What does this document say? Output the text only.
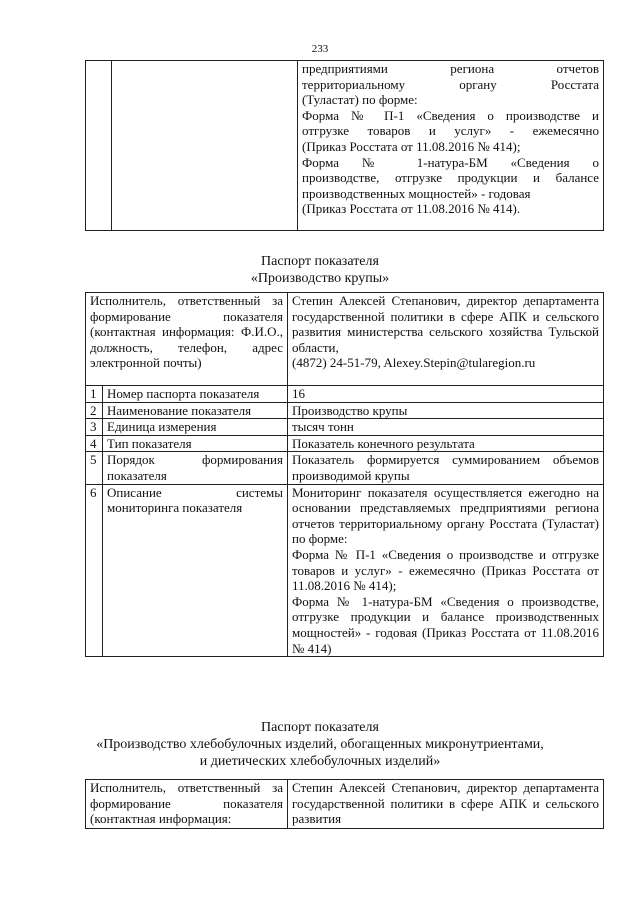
233

предприятиями региона отчетов
территориальному органу Росстата
(Тулaстат) по форме:
Форма № П-1 «Сведения о производстве и
отгрузке товаров и услуг» - ежемесячно
(Приказ Росстата от 11.08.2016 № 414);
Форма № 1-натура-БМ «Сведения о
производстве, отгрузке продукции и балансе
производственных мощностей» - годовая
(Приказ Росстата от 11.08.2016 № 414).
Паспорт показателя
«Производство крупы»
Исполнитель, ответственный за формирование показателя (контактная информация: Ф.И.О., должность, телефон, адрес электронной почты)		Степин Алексей Степанович, директор департамента государственной политики в сфере АПК и сельского развития министерства сельского хозяйства Тульской области,
(4872) 24-51-79, Alexey.Stepin@tularegion.ru

1	Номер паспорта показателя	16
2	Наименование показателя	Производство крупы
3	Единица измерения	тысяч тонн
4	Тип показателя	Показатель конечного результата
5	Порядок формирования показателя	Показатель формируется суммированием объемов производимой крупы
6	Описание системы мониторинга показателя	Мониторинг показателя осуществляется ежегодно на основании представляемых предприятиями региона отчетов территориальному органу Росстата (Тулaстат) по форме:
Форма № П-1 «Сведения о производстве и отгрузке товаров и услуг» - ежемесячно (Приказ Росстата от 11.08.2016 № 414);
Форма № 1-натура-БМ «Сведения о производстве, отгрузке продукции и балансе производственных мощностей» - годовая (Приказ Росстата от 11.08.2016 № 414)
Паспорт показателя
«Производство хлебобулочных изделий, обогащенных микронутриентами,
и диетических хлебобулочных изделий»
Исполнитель, ответственный за формирование показателя (контактная информация:	Степин Алексей Степанович, директор департамента государственной политики в сфере АПК и сельского развития
